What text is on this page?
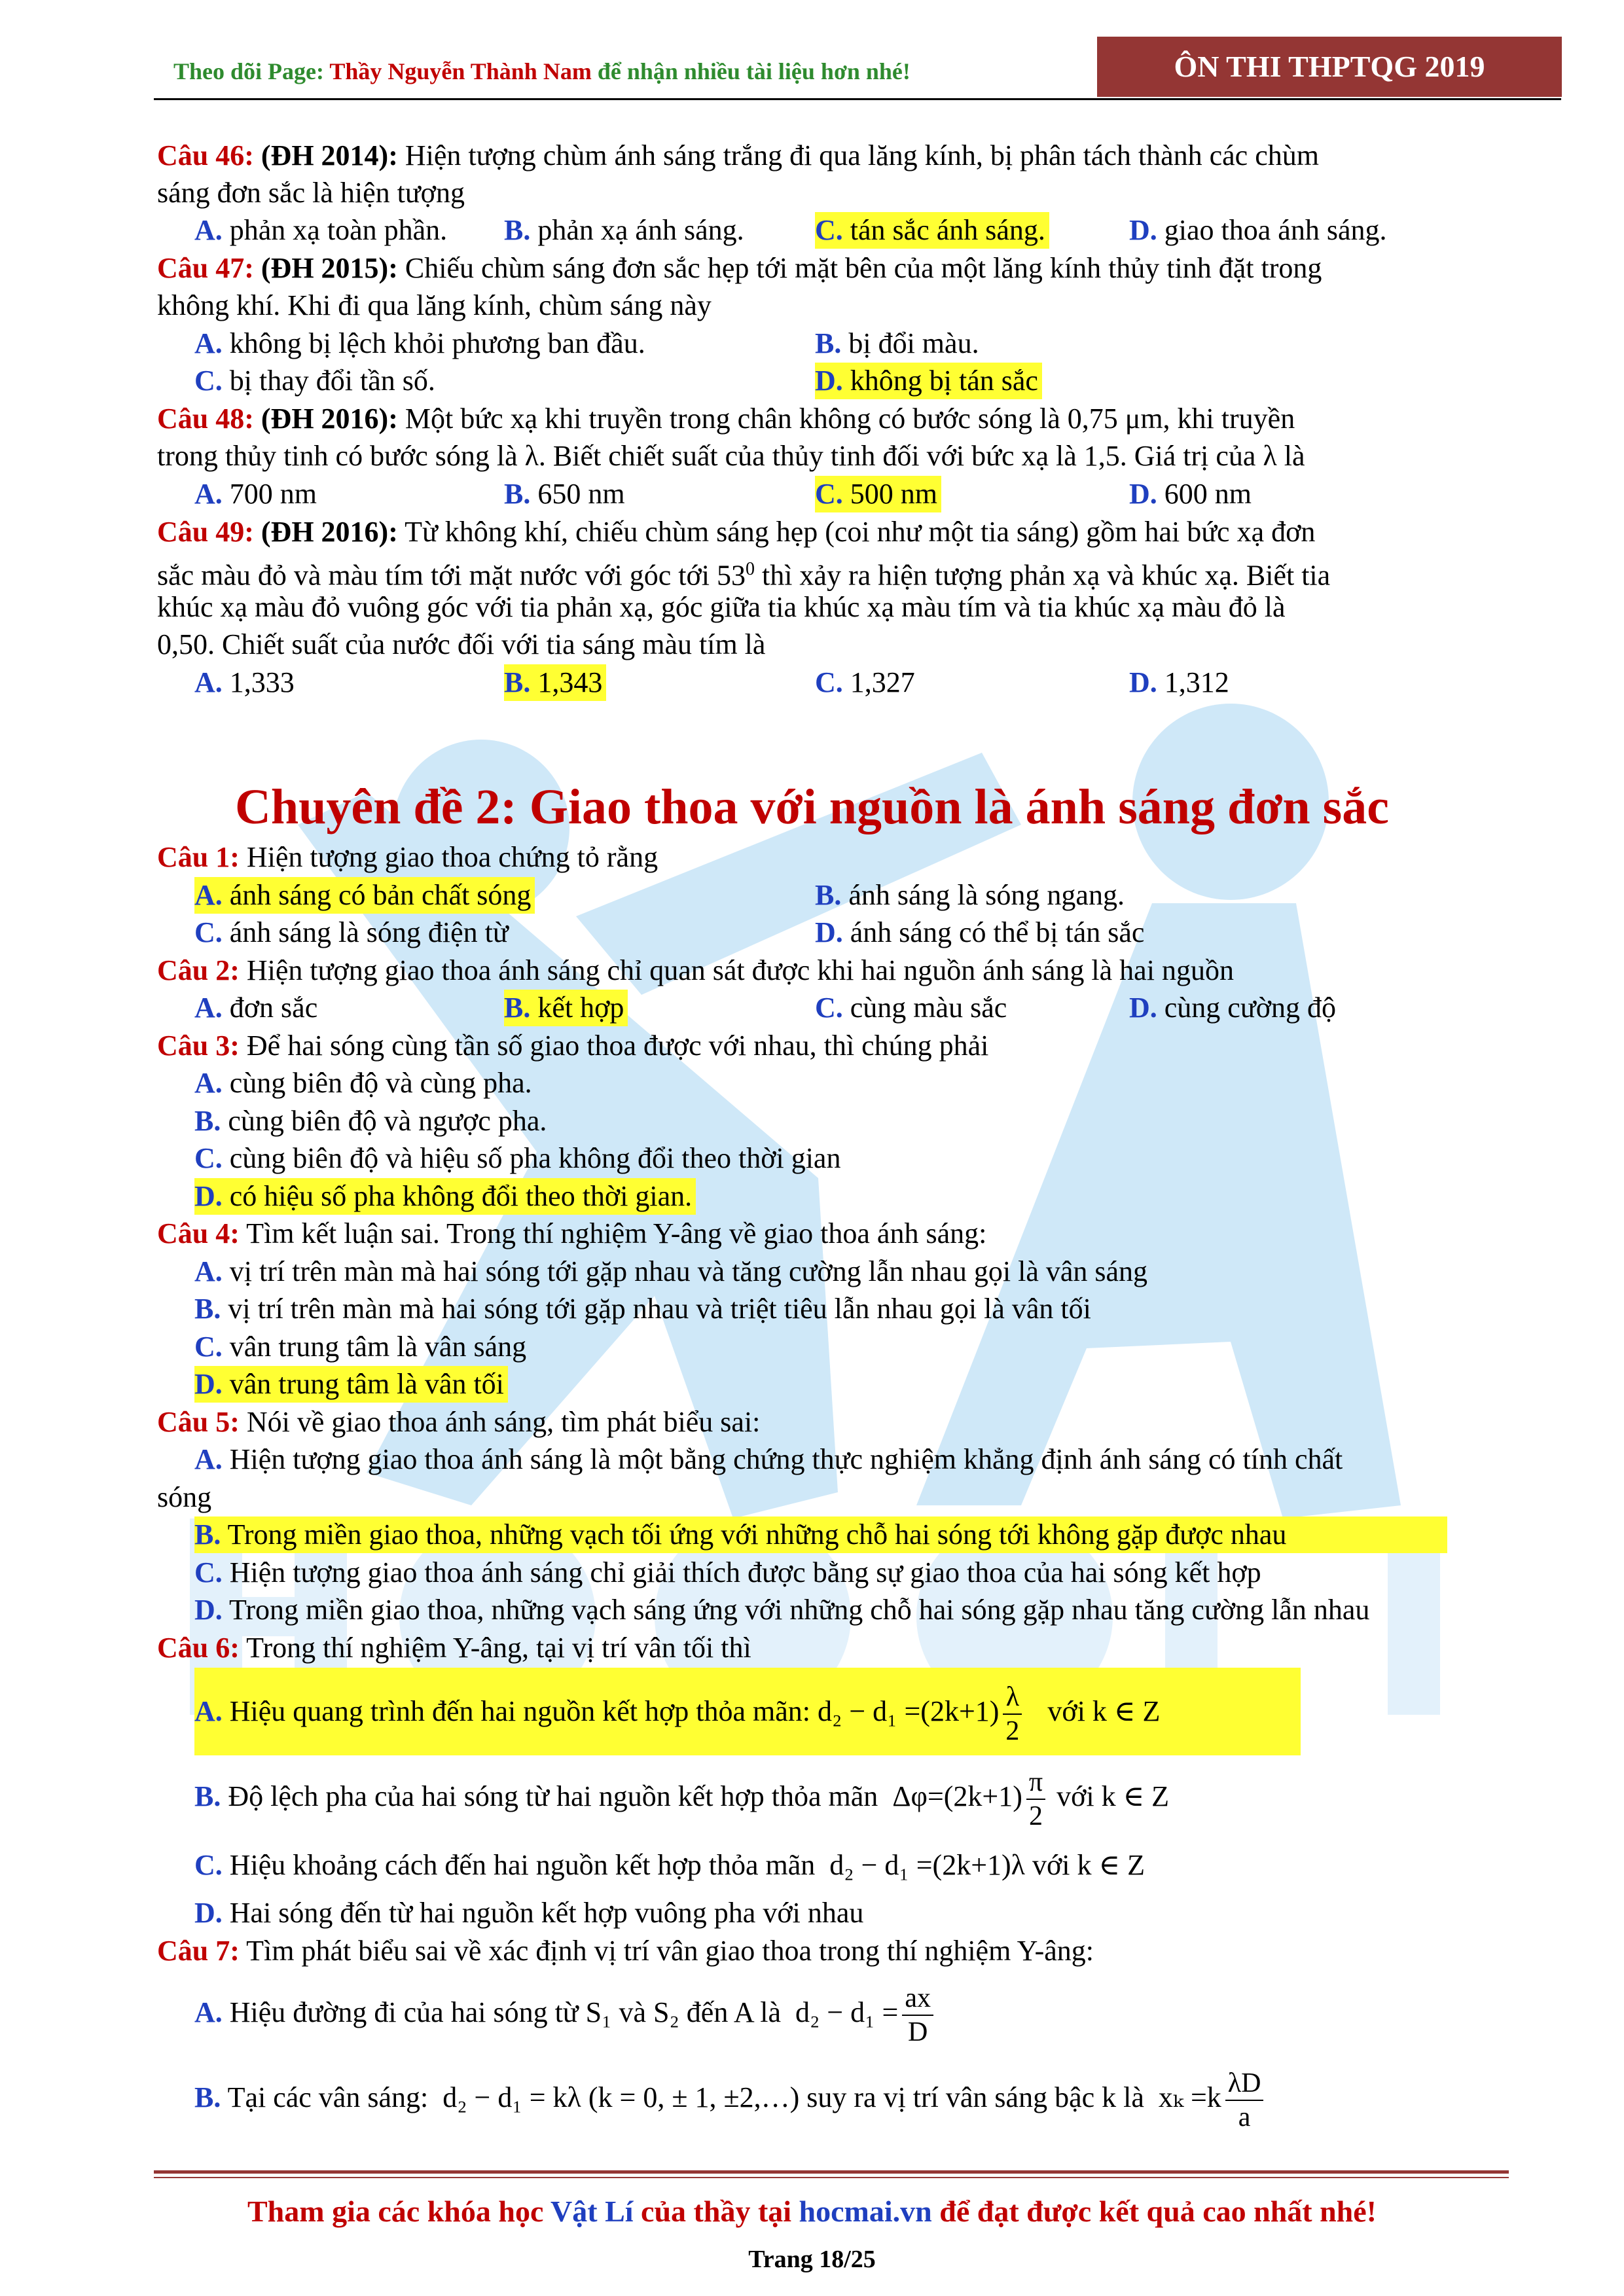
Theo dõi Page: Thầy Nguyễn Thành Nam để nhận nhiều tài liệu hơn nhé!	ÔN THI THPTQG 2019
Câu 46: (ĐH 2014): Hiện tượng chùm ánh sáng trắng đi qua lăng kính, bị phân tách thành các chùm
sáng đơn sắc là hiện tượng
A. phản xạ toàn phần. B. phản xạ ánh sáng. C. tán sắc ánh sáng.	D. giao thoa ánh sáng.
Câu 47: (ĐH 2015): Chiếu chùm sáng đơn sắc hẹp tới mặt bên của một lăng kính thủy tinh đặt trong
không khí. Khi đi qua lăng kính, chùm sáng này
A. không bị lệch khỏi phương ban đầu.	B. bị đổi màu.
C. bị thay đổi tần số.	D. không bị tán sắc
Câu 48: (ĐH 2016): Một bức xạ khi truyền trong chân không có bước sóng là 0,75 μm, khi truyền
trong thủy tinh có bước sóng là λ. Biết chiết suất của thủy tinh đối với bức xạ là 1,5. Giá trị của λ là
A. 700 nm	B. 650 nm	C. 500 nm	D. 600 nm
Câu 49: (ĐH 2016): Từ không khí, chiếu chùm sáng hẹp (coi như một tia sáng) gồm hai bức xạ đơn
sắc màu đỏ và màu tím tới mặt nước với góc tới $53^0$ thì xảy ra hiện tượng phản xạ và khúc xạ. Biết tia
khúc xạ màu đỏ vuông góc với tia phản xạ, góc giữa tia khúc xạ màu tím và tia khúc xạ màu đỏ là
0,50. Chiết suất của nước đối với tia sáng màu tím là
A. 1,333	B. 1,343	C. 1,327	D. 1,312
Chuyên đề 2: Giao thoa với nguồn là ánh sáng đơn sắc
Câu 1: Hiện tượng giao thoa chứng tỏ rằng
A. ánh sáng có bản chất sóng	B. ánh sáng là sóng ngang.
C. ánh sáng là sóng điện từ	D. ánh sáng có thể bị tán sắc
Câu 2: Hiện tượng giao thoa ánh sáng chỉ quan sát được khi hai nguồn ánh sáng là hai nguồn
A. đơn sắc	B. kết hợp	C. cùng màu sắc	D. cùng cường độ
Câu 3: Để hai sóng cùng tần số giao thoa được với nhau, thì chúng phải
A. cùng biên độ và cùng pha.
B. cùng biên độ và ngược pha.
C. cùng biên độ và hiệu số pha không đổi theo thời gian
D. có hiệu số pha không đổi theo thời gian.
Câu 4: Tìm kết luận sai. Trong thí nghiệm Y-âng về giao thoa ánh sáng:
A. vị trí trên màn mà hai sóng tới gặp nhau và tăng cường lẫn nhau gọi là vân sáng
B. vị trí trên màn mà hai sóng tới gặp nhau và triệt tiêu lẫn nhau gọi là vân tối
C. vân trung tâm là vân sáng
D. vân trung tâm là vân tối
Câu 5: Nói về giao thoa ánh sáng, tìm phát biểu sai:
A. Hiện tượng giao thoa ánh sáng là một bằng chứng thực nghiệm khẳng định ánh sáng có tính chất
sóng
B. Trong miền giao thoa, những vạch tối ứng với những chỗ hai sóng tới không gặp được nhau
C. Hiện tượng giao thoa ánh sáng chỉ giải thích được bằng sự giao thoa của hai sóng kết hợp
D. Trong miền giao thoa, những vạch sáng ứng với những chỗ hai sóng gặp nhau tăng cường lẫn nhau
Câu 6: Trong thí nghiệm Y-âng, tại vị trí vân tối thì
A. Hiệu quang trình đến hai nguồn kết hợp thỏa mãn: $d_2 - d_1 =(2k+1) \frac{\lambda}{2}$ với k ∈ Z
B. Độ lệch pha của hai sóng từ hai nguồn kết hợp thỏa mãn $\Delta\varphi=(2k+1) \frac{\pi}{2}$ với k ∈ Z
C. Hiệu khoảng cách đến hai nguồn kết hợp thỏa mãn d₂ − d₁ =(2k+1)λ với k ∈ Z
D. Hai sóng đến từ hai nguồn kết hợp vuông pha với nhau
Câu 7: Tìm phát biểu sai về xác định vị trí vân giao thoa trong thí nghiệm Y-âng:
A. Hiệu đường đi của hai sóng từ S₁ và S₂ đến A là $d_2 - d_1 = \frac{ax}{D}$
B. Tại các vân sáng: d₂ − d₁ = kλ (k = 0, ± 1, ±2,…) suy ra vị trí vân sáng bậc k là $x_k =k \frac{\lambda D}{a}$
Tham gia các khóa học Vật Lí của thầy tại hocmai.vn để đạt được kết quả cao nhất nhé!
Trang 18/25
